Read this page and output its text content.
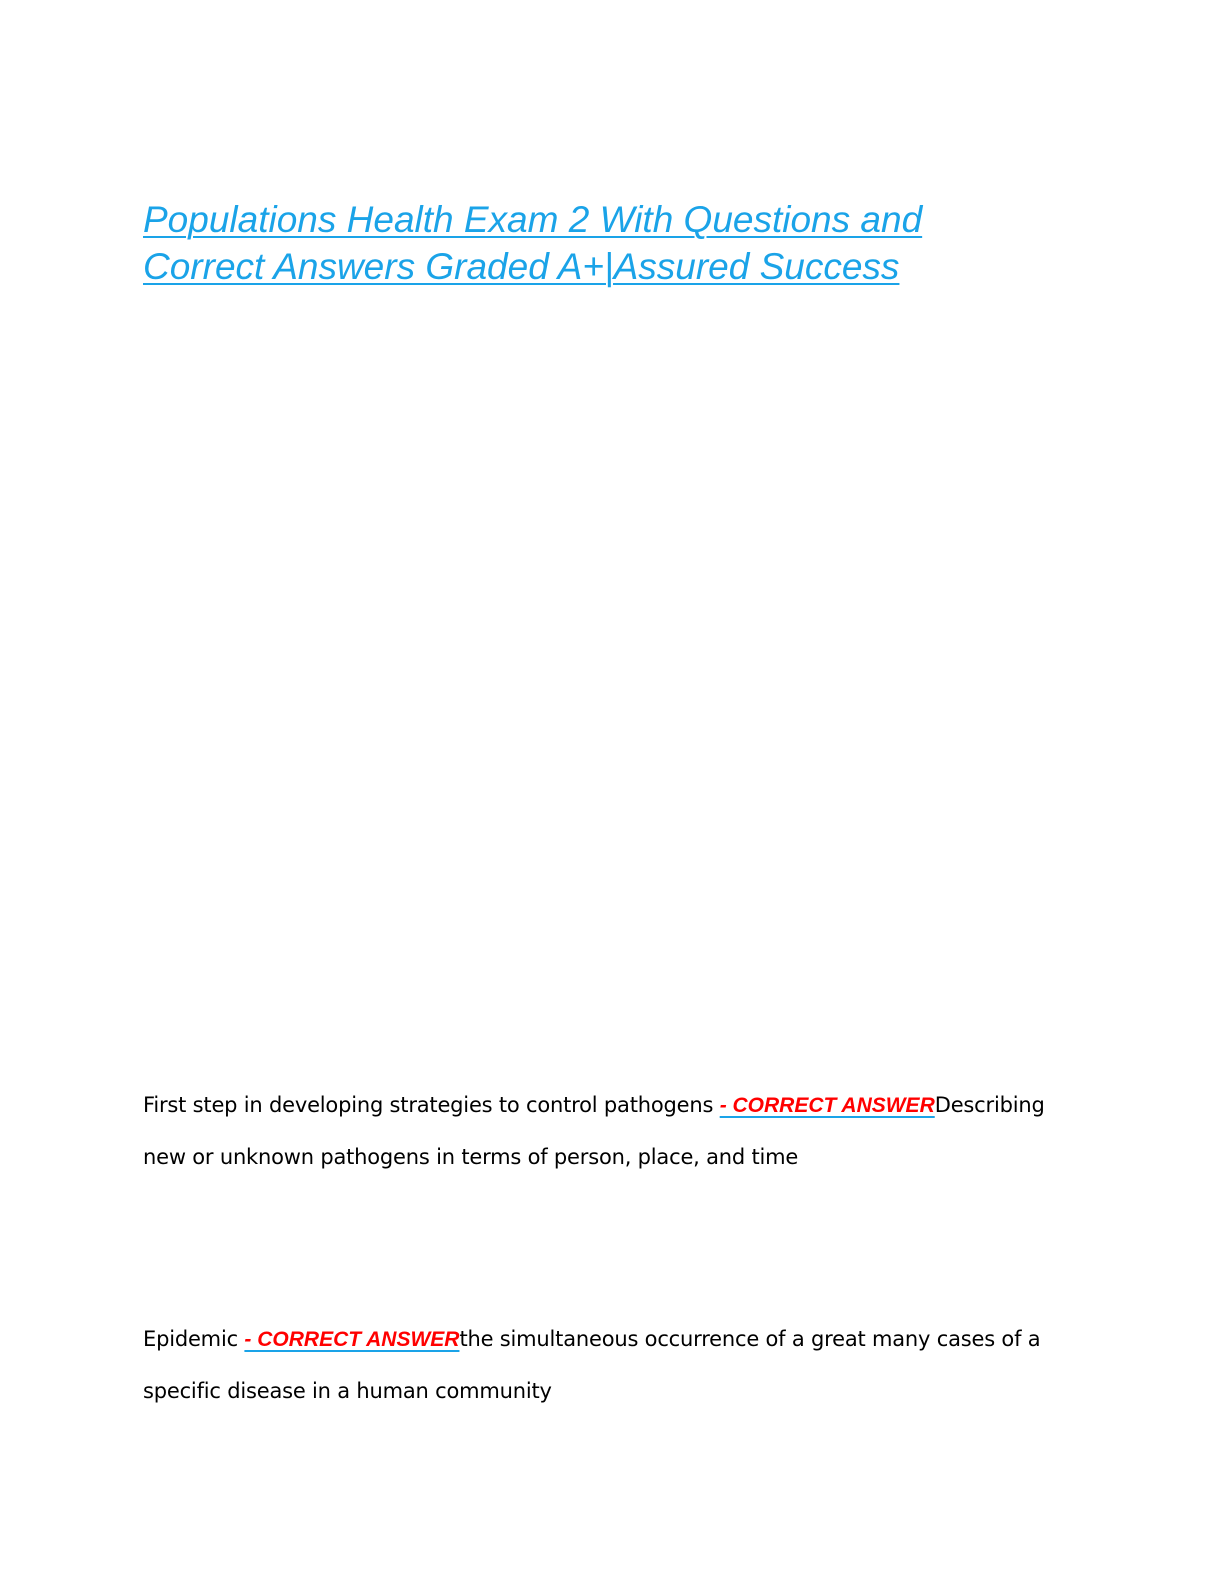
Populations Health Exam 2 With Questions and Correct Answers Graded A+|Assured Success

First step in developing strategies to control pathogens - CORRECT ANSWERDescribing new or unknown pathogens in terms of person, place, and time

Epidemic - CORRECT ANSWERthe simultaneous occurrence of a great many cases of a specific disease in a human community
